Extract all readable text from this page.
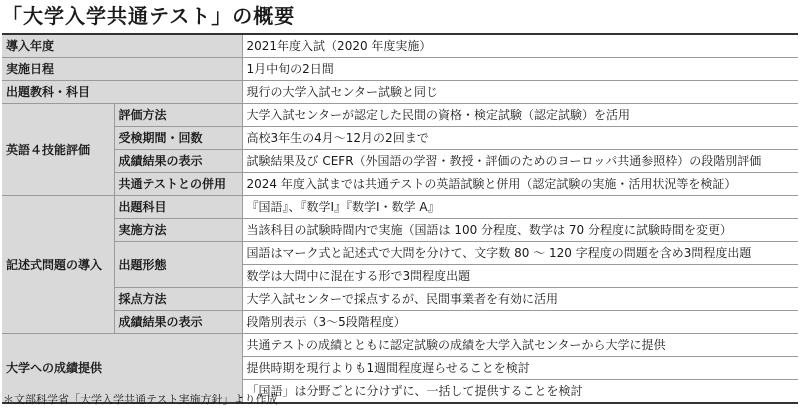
「大学入学共通テスト」の概要
導入年度		2021年度入試（2020 年度実施）
実施日程		1月中旬の2日間
出題教科・科目		現行の大学入試センター試験と同じ
英語４技能評価	評価方法	大学入試センターが認定した民間の資格・検定試験（認定試験）を活用
	受検期間・回数	高校3年生の4月～12月の2回まで
	成績結果の表示	試験結果及び CEFR（外国語の学習・教授・評価のためのヨーロッパ共通参照枠）の段階別評価
	共通テストとの併用	2024 年度入試までは共通テストの英語試験と併用（認定試験の実施・活用状況等を検証）
記述式問題の導入	出題科目	『国語』、『数学Ⅰ』『数学Ⅰ・数学 A』
	実施方法	当該科目の試験時間内で実施（国語は 100 分程度、数学は 70 分程度に試験時間を変更）
	出題形態	国語はマーク式と記述式で大問を分けて、文字数 80 ～ 120 字程度の問題を含め3問程度出題
		数学は大問中に混在する形で3問程度出題
	採点方法	大学入試センターで採点するが、民間事業者を有効に活用
	成績結果の表示	段階別表示（3～5段階程度）
大学への成績提供		共通テストの成績とともに認定試験の成績を大学入試センターから大学に提供
		提供時期を現行よりも1週間程度遅らせることを検討
		「国語」は分野ごとに分けずに、一括して提供することを検討
＊文部科学省「大学入学共通テスト実施方針」より作成
